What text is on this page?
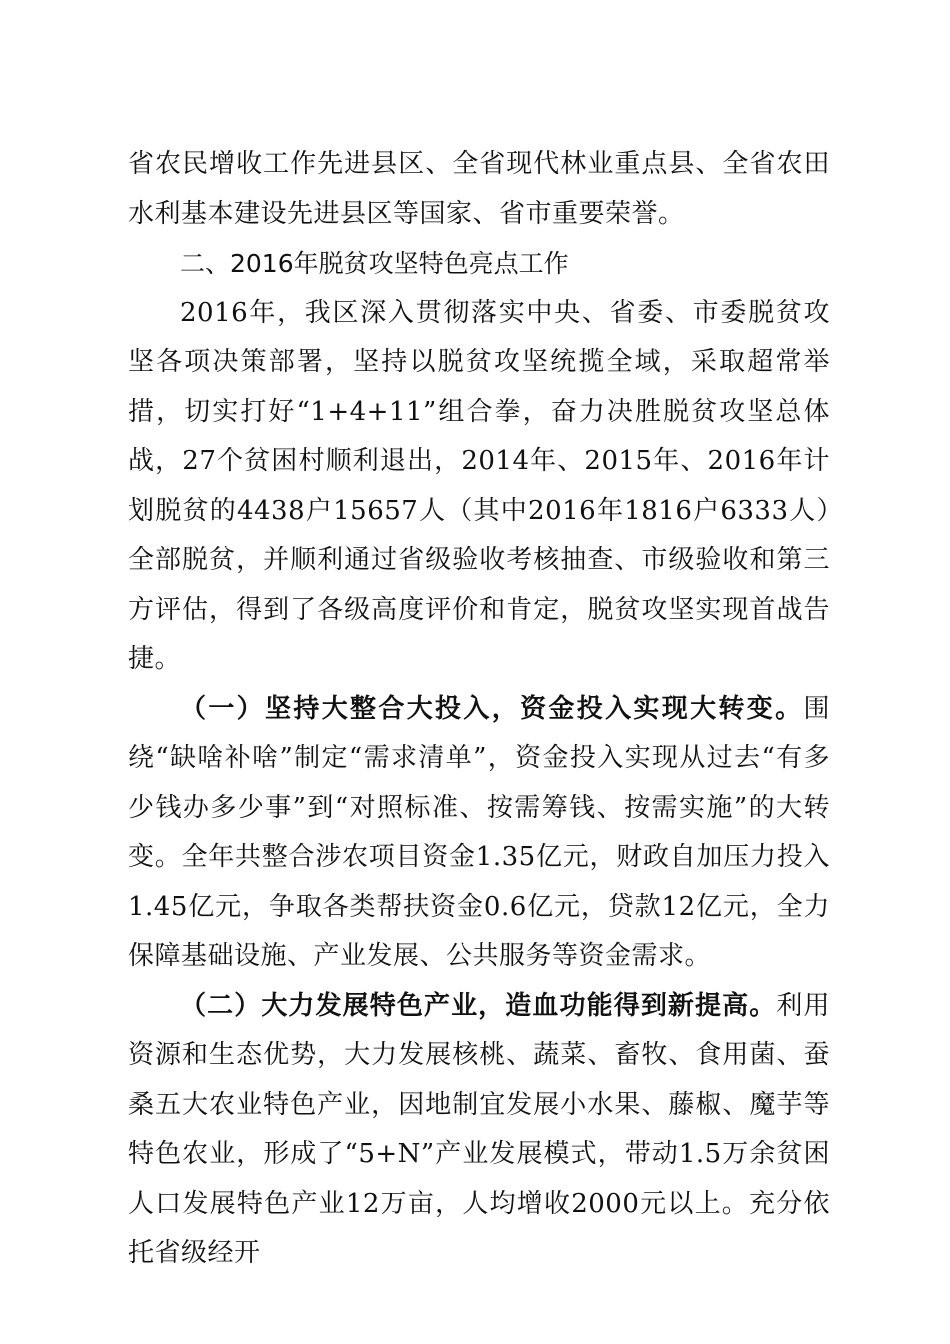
省农民增收工作先进县区、全省现代林业重点县、全省农田水利基本建设先进县区等国家、省市重要荣誉。

二、2016年脱贫攻坚特色亮点工作

2016年，我区深入贯彻落实中央、省委、市委脱贫攻坚各项决策部署，坚持以脱贫攻坚统揽全域，采取超常举措，切实打好“1+4+11”组合拳，奋力决胜脱贫攻坚总体战，27个贫困村顺利退出，2014年、2015年、2016年计划脱贫的4438户15657人（其中2016年1816户6333人）全部脱贫，并顺利通过省级验收考核抽查、市级验收和第三方评估，得到了各级高度评价和肯定，脱贫攻坚实现首战告捷。

（一）坚持大整合大投入，资金投入实现大转变。围绕“缺啥补啥”制定“需求清单”，资金投入实现从过去“有多少钱办多少事”到“对照标准、按需筹钱、按需实施”的大转变。全年共整合涉农项目资金1.35亿元，财政自加压力投入1.45亿元，争取各类帮扶资金0.6亿元，贷款12亿元，全力保障基础设施、产业发展、公共服务等资金需求。

（二）大力发展特色产业，造血功能得到新提高。利用资源和生态优势，大力发展核桃、蔬菜、畜牧、食用菌、蚕桑五大农业特色产业，因地制宜发展小水果、藤椒、魔芋等特色农业，形成了“5+N”产业发展模式，带动1.5万余贫困人口发展特色产业12万亩，人均增收2000元以上。充分依托省级经开
